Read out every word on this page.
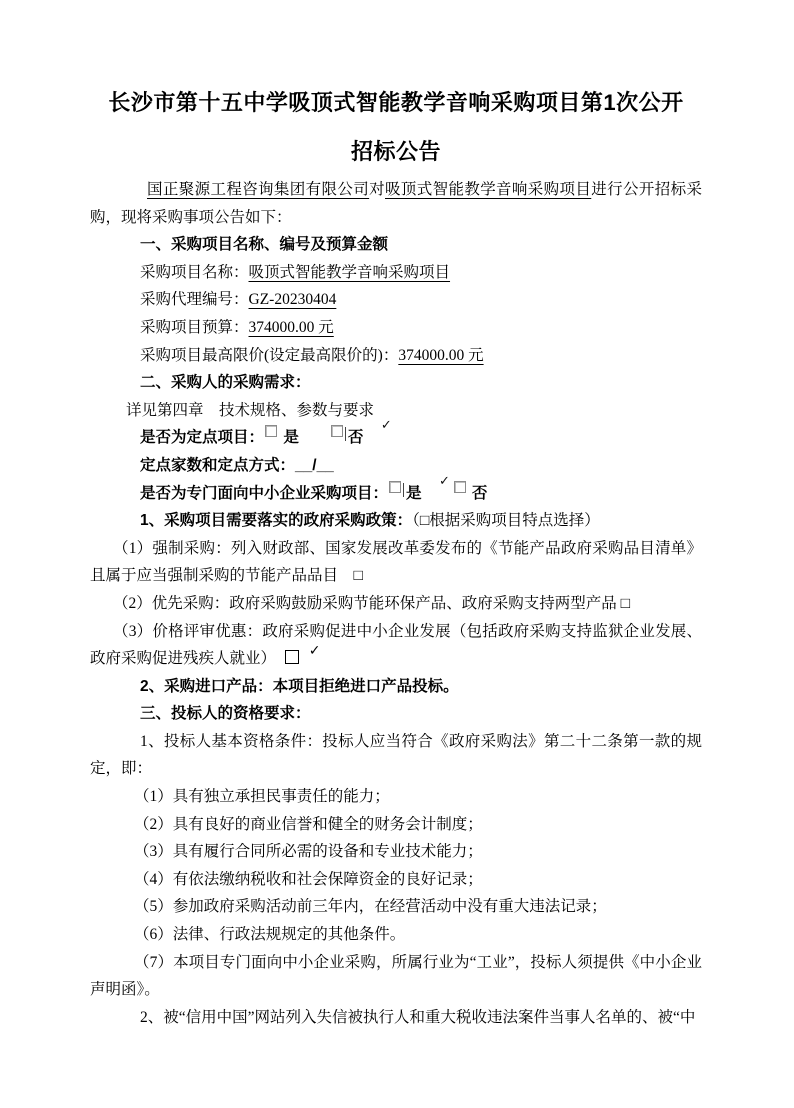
长沙市第十五中学吸顶式智能教学音响采购项目第1次公开

招标公告

国正聚源工程咨询集团有限公司对吸顶式智能教学音响采购项目进行公开招标采购，现将采购事项公告如下：

一、采购项目名称、编号及预算金额

采购项目名称：吸顶式智能教学音响采购项目

采购代理编号：GZ-20230404

采购项目预算：374000.00 元

采购项目最高限价(设定最高限价的)：374000.00 元

二、采购人的采购需求：

详见第四章　技术规格、参数与要求

是否为定点项目： 是　　 ✓	否

定点家数和定点方式：__/__

是否为专门面向中小企业采购项目： ✓ 是　　	否

1、采购项目需要落实的政府采购政策：（□根据采购项目特点选择）

（1）强制采购：列入财政部、国家发展改革委发布的《节能产品政府采购品目清单》且属于应当强制采购的节能产品品目　□

（2）优先采购：政府采购鼓励采购节能环保产品、政府采购支持两型产品 □

（3）价格评审优惠：政府采购促进中小企业发展（包括政府采购支持监狱企业发展、政府采购促进残疾人就业）　✓

2、采购进口产品：本项目拒绝进口产品投标。

三、投标人的资格要求：

1、投标人基本资格条件：投标人应当符合《政府采购法》第二十二条第一款的规定，即：

（1）具有独立承担民事责任的能力；

（2）具有良好的商业信誉和健全的财务会计制度；

（3）具有履行合同所必需的设备和专业技术能力；

（4）有依法缴纳税收和社会保障资金的良好记录；

（5）参加政府采购活动前三年内，在经营活动中没有重大违法记录；

（6）法律、行政法规规定的其他条件。

（7）本项目专门面向中小企业采购，所属行业为“工业”，投标人须提供《中小企业声明函》。

2、被“信用中国”网站列入失信被执行人和重大税收违法案件当事人名单的、被“中
